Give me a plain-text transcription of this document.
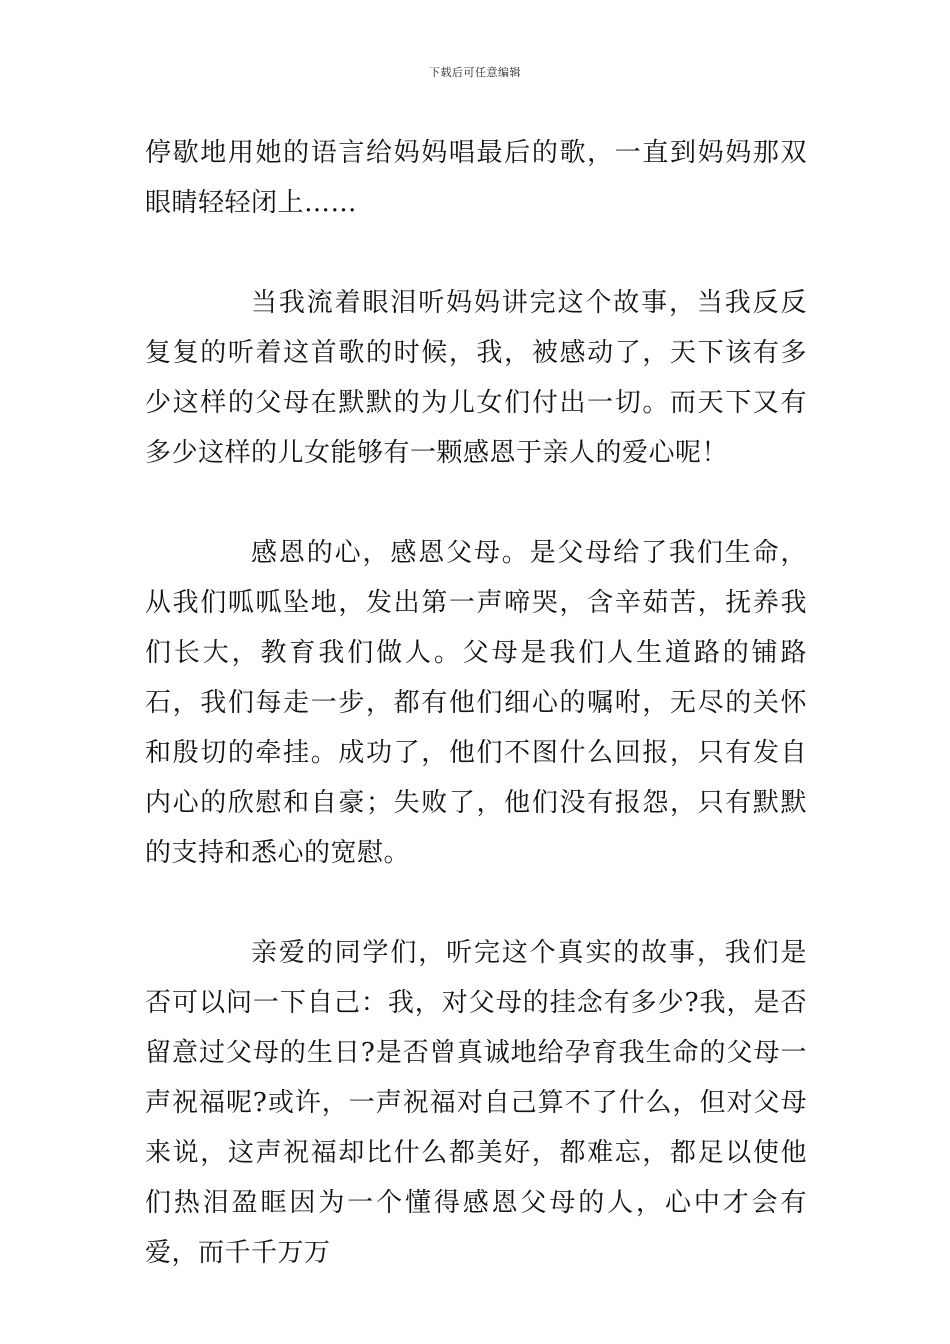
下载后可任意编辑

停歇地用她的语言给妈妈唱最后的歌，一直到妈妈那双眼睛轻轻闭上……

当我流着眼泪听妈妈讲完这个故事，当我反反复复的听着这首歌的时候，我，被感动了，天下该有多少这样的父母在默默的为儿女们付出一切。而天下又有多少这样的儿女能够有一颗感恩于亲人的爱心呢！

感恩的心，感恩父母。是父母给了我们生命，从我们呱呱坠地，发出第一声啼哭，含辛茹苦，抚养我们长大，教育我们做人。父母是我们人生道路的铺路石，我们每走一步，都有他们细心的嘱咐，无尽的关怀和殷切的牵挂。成功了，他们不图什么回报，只有发自内心的欣慰和自豪；失败了，他们没有报怨，只有默默的支持和悉心的宽慰。

亲爱的同学们，听完这个真实的故事，我们是否可以问一下自己：我，对父母的挂念有多少?我，是否留意过父母的生日?是否曾真诚地给孕育我生命的父母一声祝福呢?或许，一声祝福对自己算不了什么，但对父母来说，这声祝福却比什么都美好，都难忘，都足以使他们热泪盈眶因为一个懂得感恩父母的人，心中才会有爱，而千千万万
